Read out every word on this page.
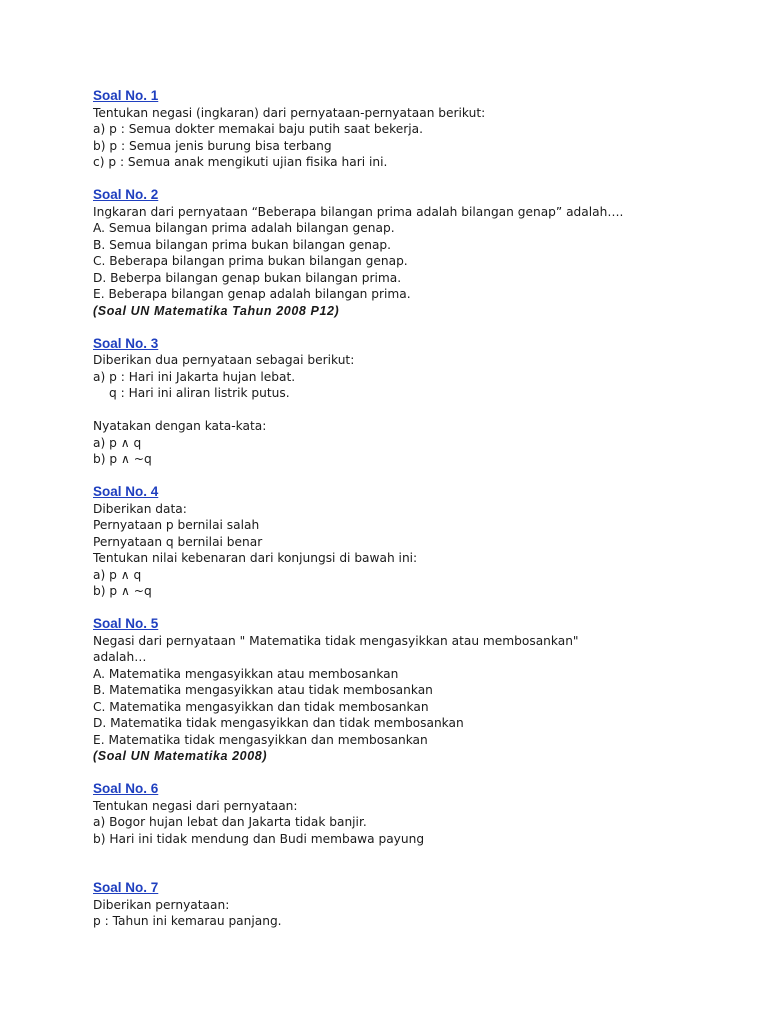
Soal No. 1
Tentukan negasi (ingkaran) dari pernyataan-pernyataan berikut:
a) p : Semua dokter memakai baju putih saat bekerja.
b) p : Semua jenis burung bisa terbang
c) p : Semua anak mengikuti ujian fisika hari ini.
Soal No. 2
Ingkaran dari pernyataan “Beberapa bilangan prima adalah bilangan genap” adalah….
A. Semua bilangan prima adalah bilangan genap.
B. Semua bilangan prima bukan bilangan genap.
C. Beberapa bilangan prima bukan bilangan genap.
D. Beberpa bilangan genap bukan bilangan prima.
E. Beberapa bilangan genap adalah bilangan prima.
(Soal UN Matematika Tahun 2008 P12)
Soal No. 3
Diberikan dua pernyataan sebagai berikut:
a) p : Hari ini Jakarta hujan lebat.
q : Hari ini aliran listrik putus.
Nyatakan dengan kata-kata:
a) p ∧ q
b) p ∧ ~q
Soal No. 4
Diberikan data:
Pernyataan p bernilai salah
Pernyataan q bernilai benar
Tentukan nilai kebenaran dari konjungsi di bawah ini:
a) p ∧ q
b) p ∧ ~q
Soal No. 5
Negasi dari pernyataan " Matematika tidak mengasyikkan atau membosankan"
adalah…
A. Matematika mengasyikkan atau membosankan
B. Matematika mengasyikkan atau tidak membosankan
C. Matematika mengasyikkan dan tidak membosankan
D. Matematika tidak mengasyikkan dan tidak membosankan
E. Matematika tidak mengasyikkan dan membosankan
(Soal UN Matematika 2008)
Soal No. 6
Tentukan negasi dari pernyataan:
a) Bogor hujan lebat dan Jakarta tidak banjir.
b) Hari ini tidak mendung dan Budi membawa payung
Soal No. 7
Diberikan pernyataan:
p : Tahun ini kemarau panjang.
